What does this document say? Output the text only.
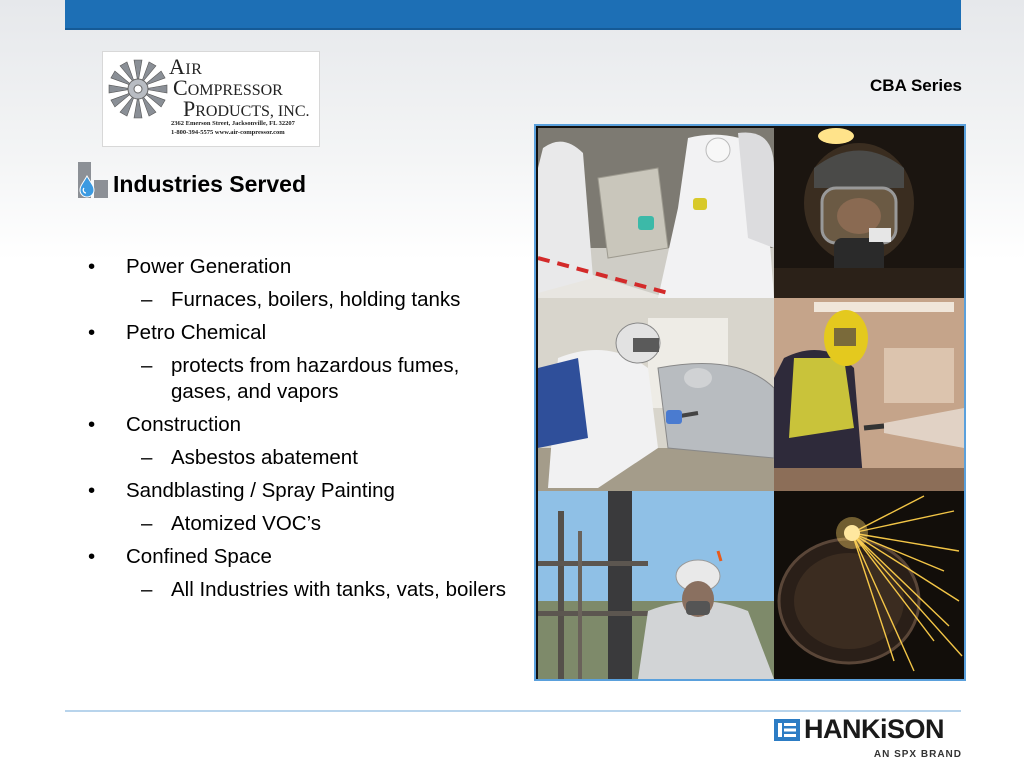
AIR
COMPRESSOR
PRODUCTS, INC.
2362 Emerson Street, Jacksonville, FL 32207
1-800-394-5575 www.air-compressor.com
CBA Series
Industries Served
• Power Generation
– Furnaces, boilers, holding tanks
• Petro Chemical
– protects from hazardous fumes, gases, and vapors
• Construction
– Asbestos abatement
• Sandblasting / Spray Painting
– Atomized VOC’s
• Confined Space
– All Industries with tanks, vats, boilers
HANKiSON
AN SPX BRAND
